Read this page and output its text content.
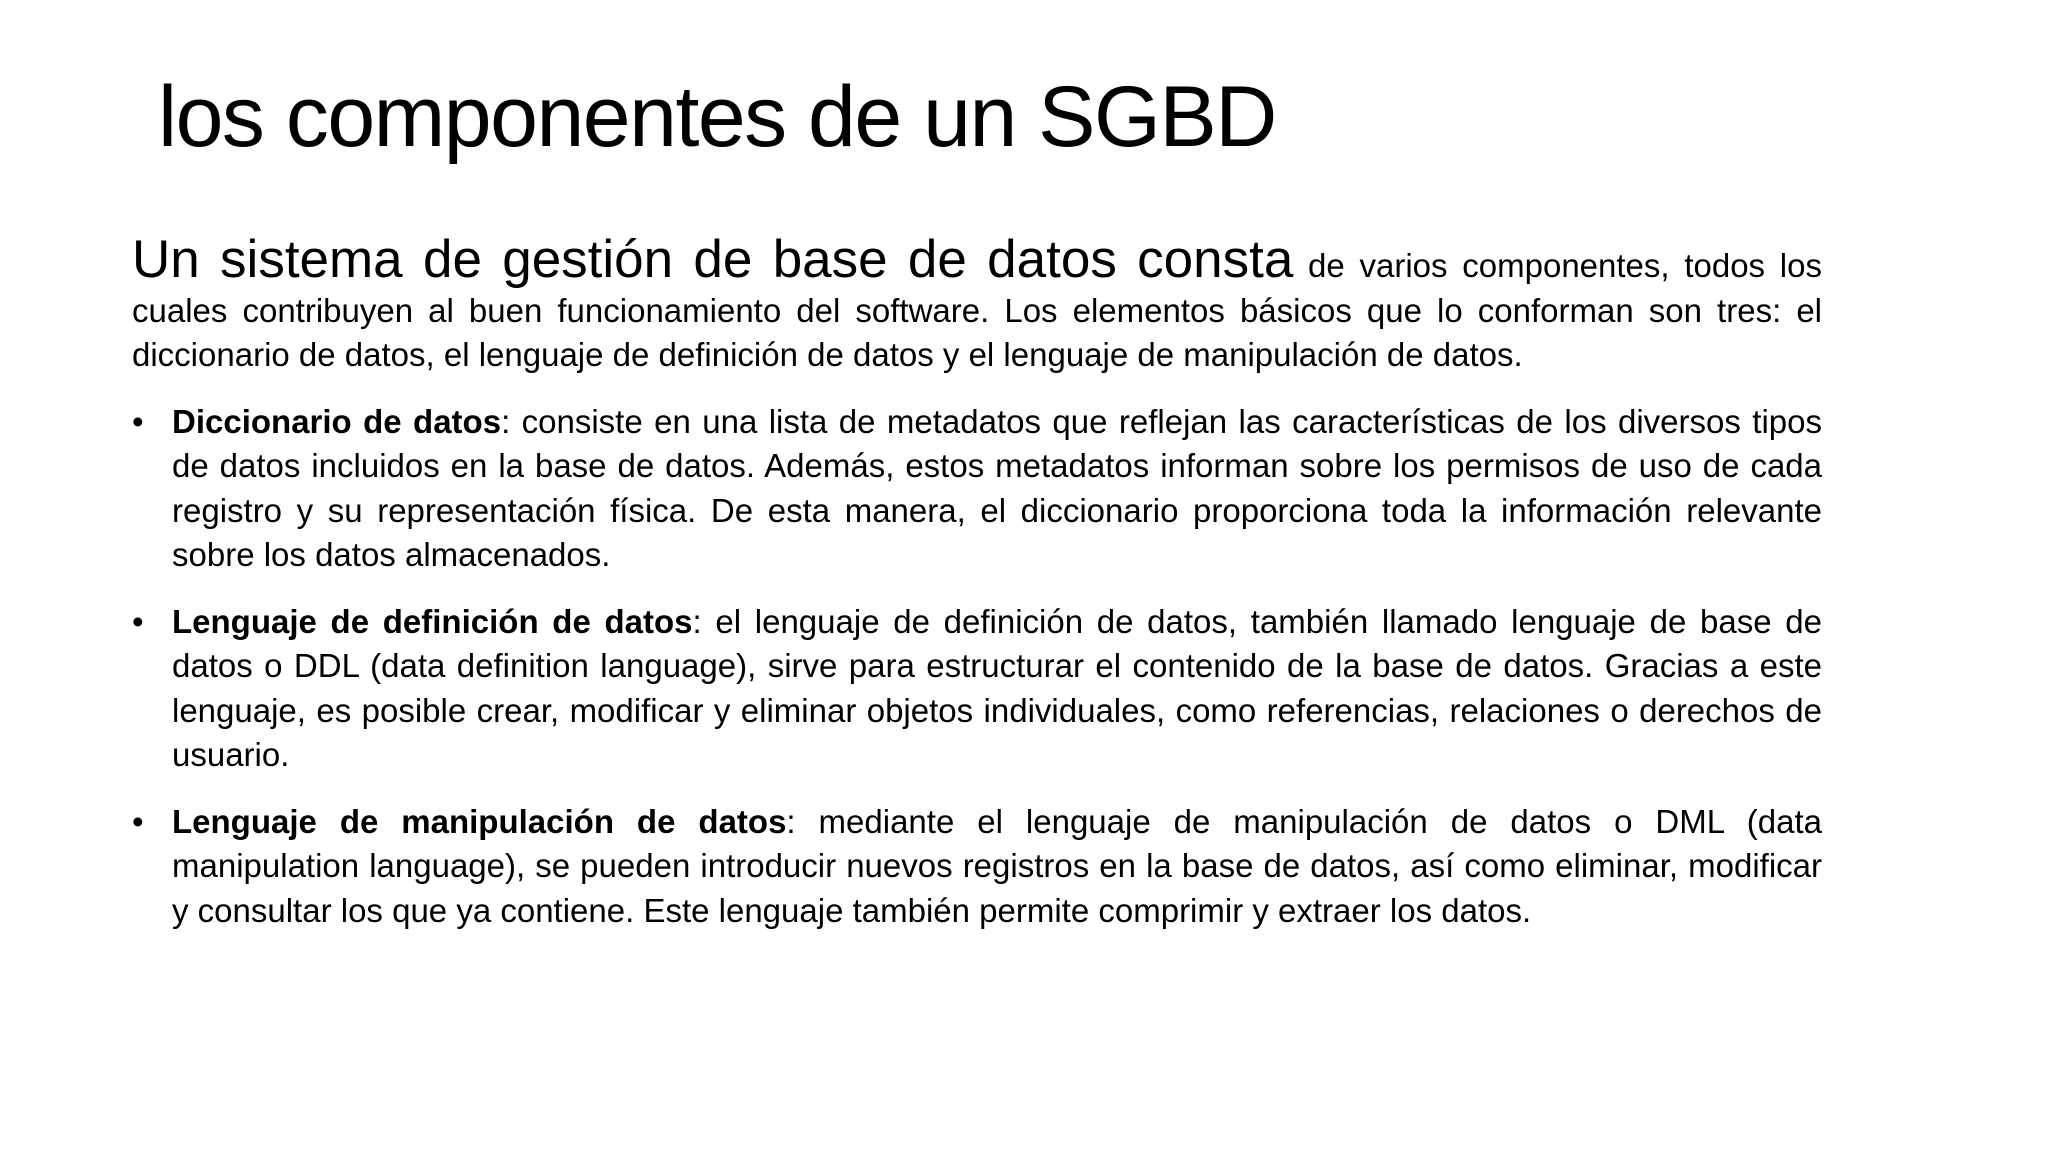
los componentes de un SGBD

Un sistema de gestión de base de datos consta de varios componentes, todos los cuales contribuyen al buen funcionamiento del software. Los elementos básicos que lo conforman son tres: el diccionario de datos, el lenguaje de definición de datos y el lenguaje de manipulación de datos.

• Diccionario de datos: consiste en una lista de metadatos que reflejan las características de los diversos tipos de datos incluidos en la base de datos. Además, estos metadatos informan sobre los permisos de uso de cada registro y su representación física. De esta manera, el diccionario proporciona toda la información relevante sobre los datos almacenados.
• Lenguaje de definición de datos: el lenguaje de definición de datos, también llamado lenguaje de base de datos o DDL (data definition language), sirve para estructurar el contenido de la base de datos. Gracias a este lenguaje, es posible crear, modificar y eliminar objetos individuales, como referencias, relaciones o derechos de usuario.
• Lenguaje de manipulación de datos: mediante el lenguaje de manipulación de datos o DML (data manipulation language), se pueden introducir nuevos registros en la base de datos, así como eliminar, modificar y consultar los que ya contiene. Este lenguaje también permite comprimir y extraer los datos.
